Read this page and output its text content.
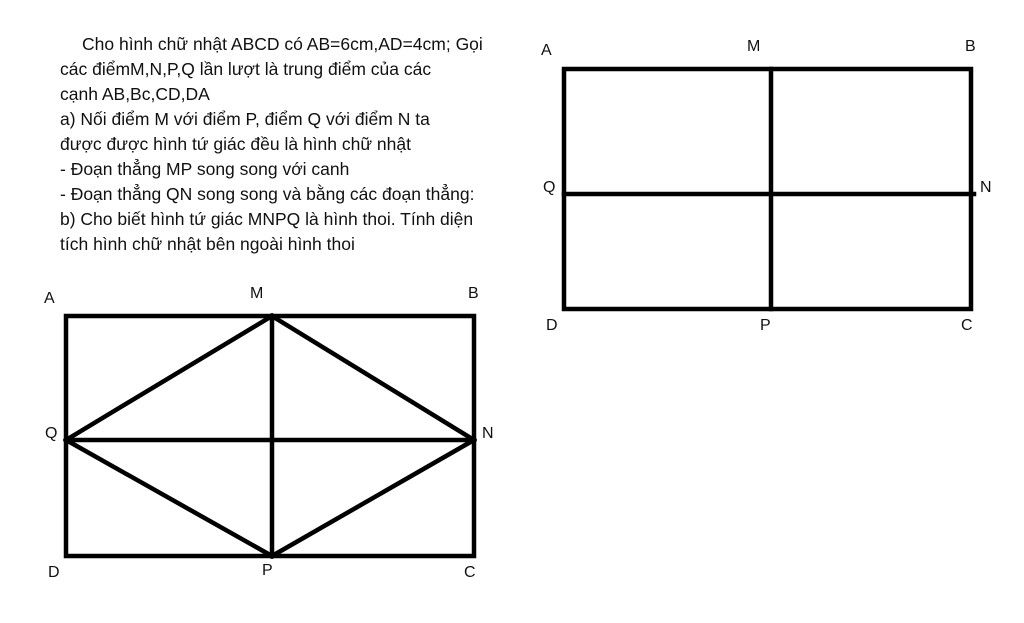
Cho hình chữ nhật ABCD có AB=6cm,AD=4cm; Gọi
các điểmM,N,P,Q lần lượt là trung điểm của các
cạnh AB,Bc,CD,DA
a) Nối điểm M với điểm P, điểm Q với điểm N ta
được được hình tứ giác đều là hình chữ nhật
- Đoạn thẳng MP song song với canh
- Đoạn thẳng QN song song và bằng các đoạn thẳng:
b) Cho biết hình tứ giác MNPQ là hình thoi. Tính diện
tích hình chữ nhật bên ngoài hình thoi
A	M	B
Q	N
D	P	C
A	M	B
Q	N
D	P	C
